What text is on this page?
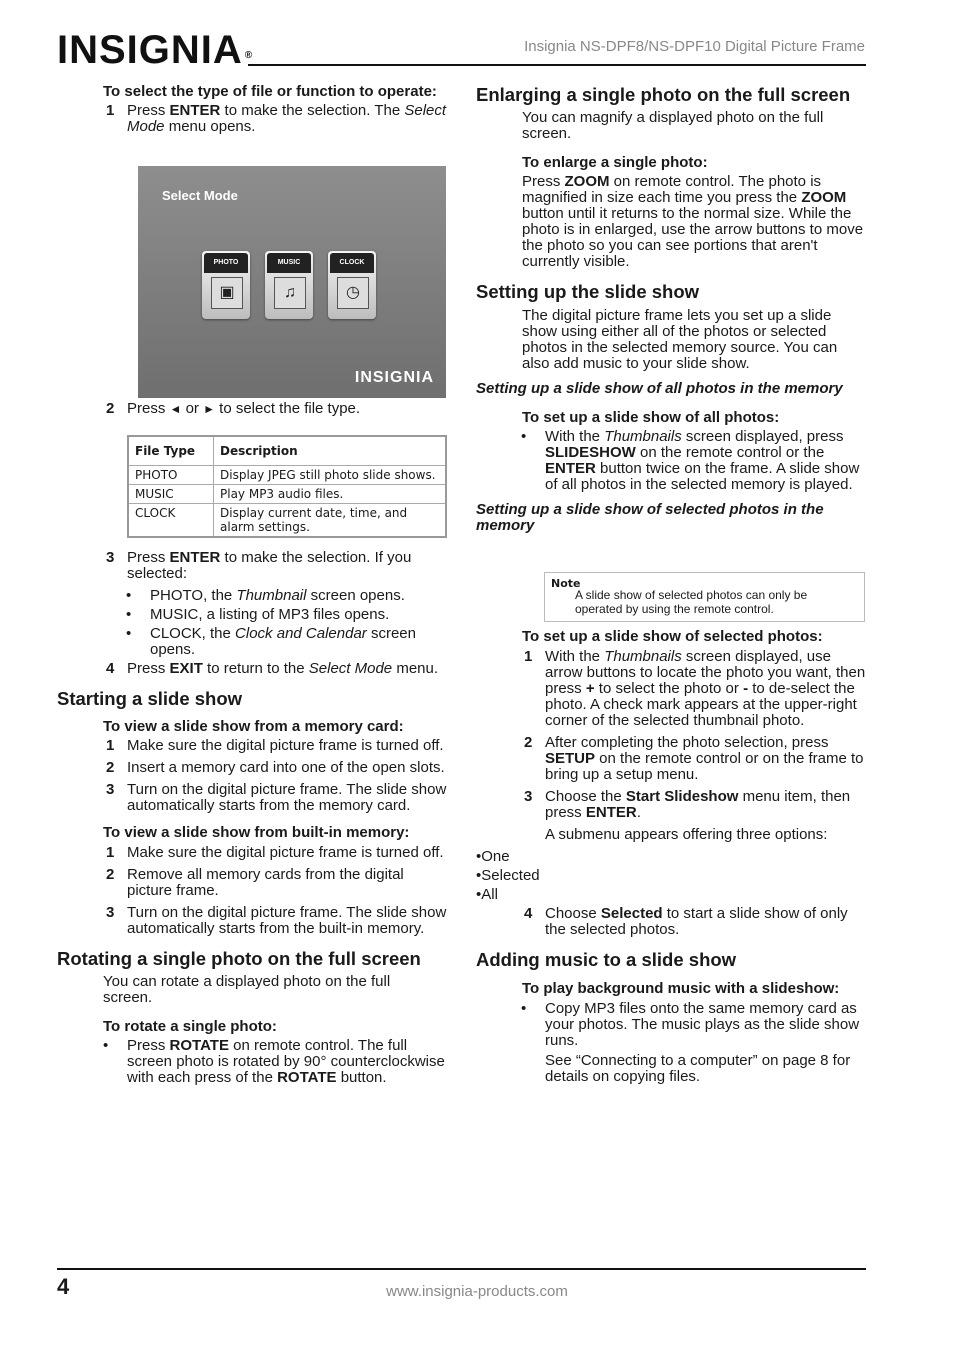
INSIGNIA ®
Insignia NS-DPF8/NS-DPF10 Digital Picture Frame
To select the type of file or function to operate:
1 Press ENTER to make the selection. The Select Mode menu opens.
Select Mode
PHOTO
▣
MUSIC
♫
CLOCK
◷
INSIGNIA
2 Press ◄ or ► to select the file type.
File Type	Description
PHOTO	Display JPEG still photo slide shows.
MUSIC	Play MP3 audio files.
CLOCK	Display current date, time, and alarm settings.
3 Press ENTER to make the selection. If you selected:
• PHOTO, the Thumbnail screen opens.
• MUSIC, a listing of MP3 files opens.
• CLOCK, the Clock and Calendar screen opens.
4 Press EXIT to return to the Select Mode menu.
Starting a slide show
To view a slide show from a memory card:
1 Make sure the digital picture frame is turned off.
2 Insert a memory card into one of the open slots.
3 Turn on the digital picture frame. The slide show automatically starts from the memory card.
To view a slide show from built-in memory:
1 Make sure the digital picture frame is turned off.
2 Remove all memory cards from the digital picture frame.
3 Turn on the digital picture frame. The slide show automatically starts from the built-in memory.
Rotating a single photo on the full screen
You can rotate a displayed photo on the full screen.
To rotate a single photo:
• Press ROTATE on remote control. The full screen photo is rotated by 90° counterclockwise with each press of the ROTATE button.
Enlarging a single photo on the full screen
You can magnify a displayed photo on the full screen.
To enlarge a single photo:
Press ZOOM on remote control. The photo is magnified in size each time you press the ZOOM button until it returns to the normal size. While the photo is in enlarged, use the arrow buttons to move the photo so you can see portions that aren't currently visible.
Setting up the slide show
The digital picture frame lets you set up a slide show using either all of the photos or selected photos in the selected memory source. You can also add music to your slide show.
Setting up a slide show of all photos in the memory
To set up a slide show of all photos:
• With the Thumbnails screen displayed, press SLIDESHOW on the remote control or the ENTER button twice on the frame. A slide show of all photos in the selected memory is played.
Setting up a slide show of selected photos in the memory
Note
A slide show of selected photos can only be operated by using the remote control.
To set up a slide show of selected photos:
1 With the Thumbnails screen displayed, use arrow buttons to locate the photo you want, then press + to select the photo or - to de-select the photo. A check mark appears at the upper-right corner of the selected thumbnail photo.
2 After completing the photo selection, press SETUP on the remote control or on the frame to bring up a setup menu.
3 Choose the Start Slideshow menu item, then press ENTER.
A submenu appears offering three options:
•One
•Selected
•All
4 Choose Selected to start a slide show of only the selected photos.
Adding music to a slide show
To play background music with a slideshow:
• Copy MP3 files onto the same memory card as your photos. The music plays as the slide show runs.
See “Connecting to a computer” on page 8 for details on copying files.
4	www.insignia-products.com
